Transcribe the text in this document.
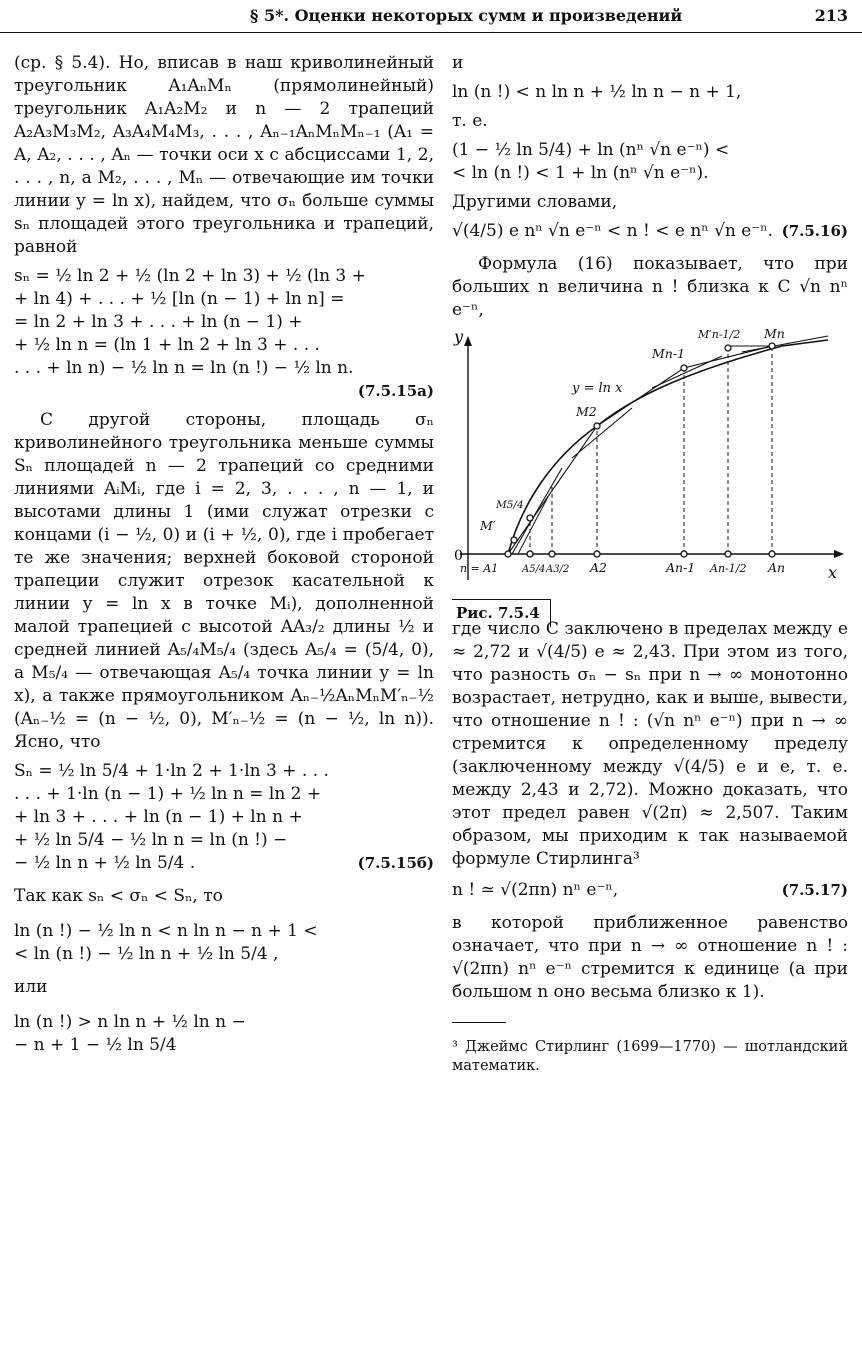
§ 5*. Оценки некоторых сумм и произведений	213

(ср. § 5.4). Но, вписав в наш криволинейный треугольник A₁AₙMₙ (прямолинейный) треугольник A₁A₂M₂ и n — 2 трапеций A₂A₃M₃M₂, A₃A₄M₄M₃, . . . , Aₙ₋₁AₙMₙMₙ₋₁ (A₁ = A, A₂, . . . , Aₙ — точки оси x с абсциссами 1, 2, . . . , n, а M₂, . . . , Mₙ — отвечающие им точки линии y = ln x), найдем, что σₙ больше суммы sₙ площадей этого треугольника и трапеций, равной

sₙ = ½ ln 2 + ½ (ln 2 + ln 3) + ½ (ln 3 +

+ ln 4) + . . . + ½ [ln (n − 1) + ln n] =

= ln 2 + ln 3 + . . . + ln (n − 1) +

+ ½ ln n = (ln 1 + ln 2 + ln 3 + . . .

. . . + ln n) − ½ ln n = ln (n !) − ½ ln n.

(7.5.15а)

С другой стороны, площадь σₙ криволинейного треугольника меньше суммы Sₙ площадей n — 2 трапеций со средними линиями AᵢMᵢ, где i = 2, 3, . . . , n — 1, и высотами длины 1 (ими служат отрезки с концами (i − ½, 0) и (i + ½, 0), где i пробегает те же значения; верхней боковой стороной трапеции служит отрезок касательной к линии y = ln x в точке Mᵢ), дополненной малой трапецией с высотой AA₃/₂ длины ½ и средней линией A₅/₄M₅/₄ (здесь A₅/₄ = (5/4, 0), а M₅/₄ — отвечающая A₅/₄ точка линии y = ln x), а также прямоугольником Aₙ₋½AₙMₙM′ₙ₋½ (Aₙ₋½ = (n − ½, 0), M′ₙ₋½ = (n − ½, ln n)). Ясно, что

Sₙ = ½ ln 5/4 + 1·ln 2 + 1·ln 3 + . . .

. . . + 1·ln (n − 1) + ½ ln n = ln 2 +

+ ln 3 + . . . + ln (n − 1) + ln n +

+ ½ ln 5/4 − ½ ln n = ln (n !) −

− ½ ln n + ½ ln 5/4 .	(7.5.15б)

Так как sₙ < σₙ < Sₙ, то

ln (n !) − ½ ln n < n ln n − n + 1 <

< ln (n !) − ½ ln n + ½ ln 5/4 ,

или

ln (n !) > n ln n + ½ ln n −

− n + 1 − ½ ln 5/4

и

ln (n !) < n ln n + ½ ln n − n + 1,

т. е.

(1 − ½ ln 5/4) + ln (nⁿ √n e⁻ⁿ) <

< ln (n !) < 1 + ln (nⁿ √n e⁻ⁿ).

Другими словами,

√(4/5) e nⁿ √n e⁻ⁿ < n ! < e nⁿ √n e⁻ⁿ. (7.5.16)

Формула (16) показывает, что при больших n величина n ! близка к C √n nⁿ e⁻ⁿ,

y
x
0
y = ln x
M′
M5/4
M2
Mn-1
M′n-1/2 Mn
n = A1 A5/4 A3/2 A2	An-1 An-1/2 An
Рис. 7.5.4

где число C заключено в пределах между e ≈ 2,72 и √(4/5) e ≈ 2,43. При этом из того, что разность σₙ − sₙ при n → ∞ монотонно возрастает, нетрудно, как и выше, вывести, что отношение n ! : (√n nⁿ e⁻ⁿ) при n → ∞ стремится к определенному пределу (заключенному между √(4/5) e и e, т. е. между 2,43 и 2,72). Можно доказать, что этот предел равен √(2π) ≈ 2,507. Таким образом, мы приходим к так называемой формуле Стирлинга³

n ! ≃ √(2πn) nⁿ e⁻ⁿ,	(7.5.17)

в которой приближенное равенство означает, что при n → ∞ отношение n ! : √(2πn) nⁿ e⁻ⁿ стремится к единице (а при большом n оно весьма близко к 1).

³ Джеймс Стирлинг (1699—1770) — шотландский математик.
